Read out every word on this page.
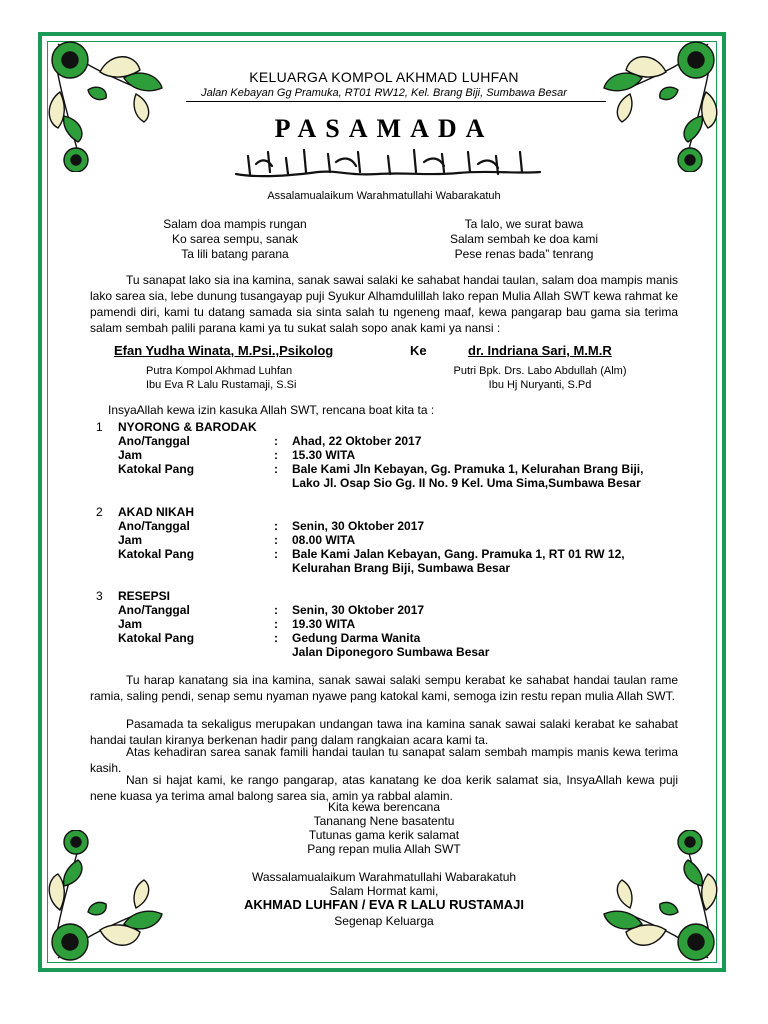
KELUARGA KOMPOL AKHMAD LUHFAN
Jalan Kebayan Gg Pramuka, RT01 RW12, Kel. Brang Biji, Sumbawa Besar
PASAMADA
Assalamualaikum Warahmatullahi Wabarakatuh
Salam doa mampis rungan
Ko sarea sempu, sanak
Ta lili batang parana
Ta lalo, we surat bawa
Salam sembah ke doa kami
Pese renas bada” tenrang
Tu sanapat lako sia ina kamina, sanak sawai salaki ke sahabat handai taulan, salam doa mampis manis lako sarea sia, lebe dunung tusangayap puji Syukur Alhamdulillah lako repan Mulia Allah SWT kewa rahmat ke pamendi diri, kami tu datang samada sia sinta salah tu ngeneng maaf, kewa pangarap bau gama sia terima salam sembah palili parana kami ya tu sukat salah sopo anak kami ya nansi :
Efan Yudha Winata, M.Psi.,Psikolog	Ke	dr. Indriana Sari, M.M.R
Putra Kompol Akhmad Luhfan
Ibu Eva R Lalu Rustamaji, S.Si
Putri Bpk. Drs. Labo Abdullah (Alm)
Ibu Hj Nuryanti, S.Pd
InsyaAllah kewa izin kasuka Allah SWT, rencana boat kita ta :
1 NYORONG & BARODAK
Ano/Tanggal	: Ahad, 22 Oktober 2017
Jam	: 15.30 WITA
Katokal Pang	: Bale Kami Jln Kebayan, Gg. Pramuka 1, Kelurahan Brang Biji,
Lako Jl. Osap Sio Gg. II No. 9 Kel. Uma Sima,Sumbawa Besar
2 AKAD NIKAH
Ano/Tanggal	: Senin, 30 Oktober 2017
Jam	: 08.00 WITA
Katokal Pang	: Bale Kami Jalan Kebayan, Gang. Pramuka 1, RT 01 RW 12,
Kelurahan Brang Biji, Sumbawa Besar
3 RESEPSI
Ano/Tanggal	: Senin, 30 Oktober 2017
Jam	: 19.30 WITA
Katokal Pang	: Gedung Darma Wanita
Jalan Diponegoro Sumbawa Besar
Tu harap kanatang sia ina kamina, sanak sawai salaki sempu kerabat ke sahabat handai taulan rame ramia, saling pendi, senap semu nyaman nyawe pang katokal kami, semoga izin restu repan mulia Allah SWT.
Pasamada ta sekaligus merupakan undangan tawa ina kamina sanak sawai salaki kerabat ke sahabat handai taulan kiranya berkenan hadir pang dalam rangkaian acara kami ta.
Atas kehadiran sarea sanak famili handai taulan tu sanapat salam sembah mampis manis kewa terima kasih.
Nan si hajat kami, ke rango pangarap, atas kanatang ke doa kerik salamat sia, InsyaAllah kewa puji nene kuasa ya terima amal balong sarea sia, amin ya rabbal alamin.
Kita kewa berencana
Tananang Nene basatentu
Tutunas gama kerik salamat
Pang repan mulia Allah SWT
Wassalamualaikum Warahmatullahi Wabarakatuh
Salam Hormat kami,
AKHMAD LUHFAN / EVA R LALU RUSTAMAJI
Segenap Keluarga
